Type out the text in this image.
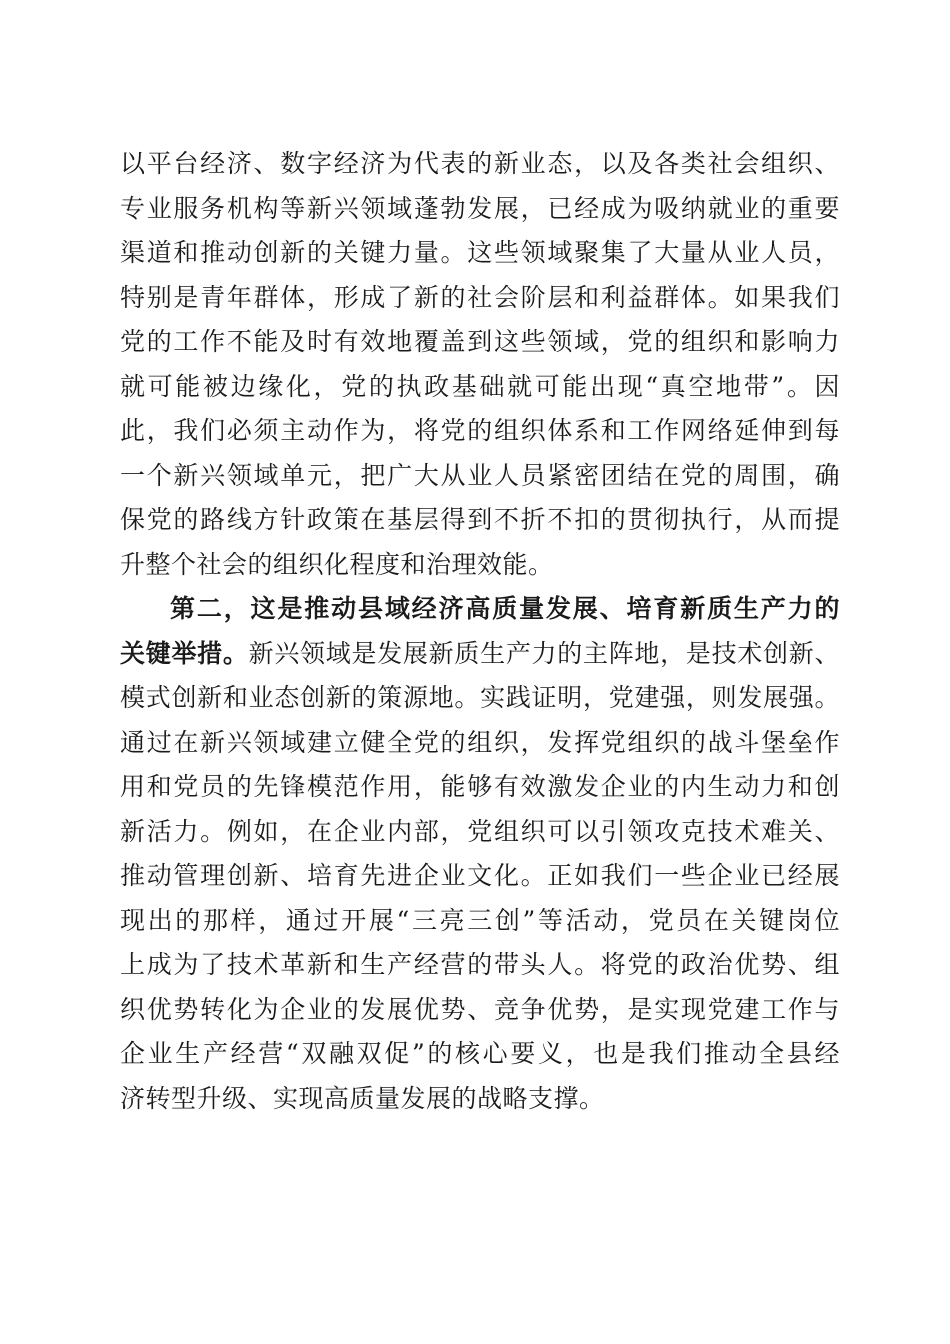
以平台经济、数字经济为代表的新业态，以及各类社会组织、
专业服务机构等新兴领域蓬勃发展，已经成为吸纳就业的重要
渠道和推动创新的关键力量。这些领域聚集了大量从业人员，
特别是青年群体，形成了新的社会阶层和利益群体。如果我们
党的工作不能及时有效地覆盖到这些领域，党的组织和影响力
就可能被边缘化，党的执政基础就可能出现“真空地带”。因
此，我们必须主动作为，将党的组织体系和工作网络延伸到每
一个新兴领域单元，把广大从业人员紧密团结在党的周围，确
保党的路线方针政策在基层得到不折不扣的贯彻执行，从而提
升整个社会的组织化程度和治理效能。
第二，这是推动县域经济高质量发展、培育新质生产力的
关键举措。新兴领域是发展新质生产力的主阵地，是技术创新、
模式创新和业态创新的策源地。实践证明，党建强，则发展强。
通过在新兴领域建立健全党的组织，发挥党组织的战斗堡垒作
用和党员的先锋模范作用，能够有效激发企业的内生动力和创
新活力。例如，在企业内部，党组织可以引领攻克技术难关、
推动管理创新、培育先进企业文化。正如我们一些企业已经展
现出的那样，通过开展“三亮三创”等活动，党员在关键岗位
上成为了技术革新和生产经营的带头人。将党的政治优势、组
织优势转化为企业的发展优势、竞争优势，是实现党建工作与
企业生产经营“双融双促”的核心要义，也是我们推动全县经
济转型升级、实现高质量发展的战略支撑。
